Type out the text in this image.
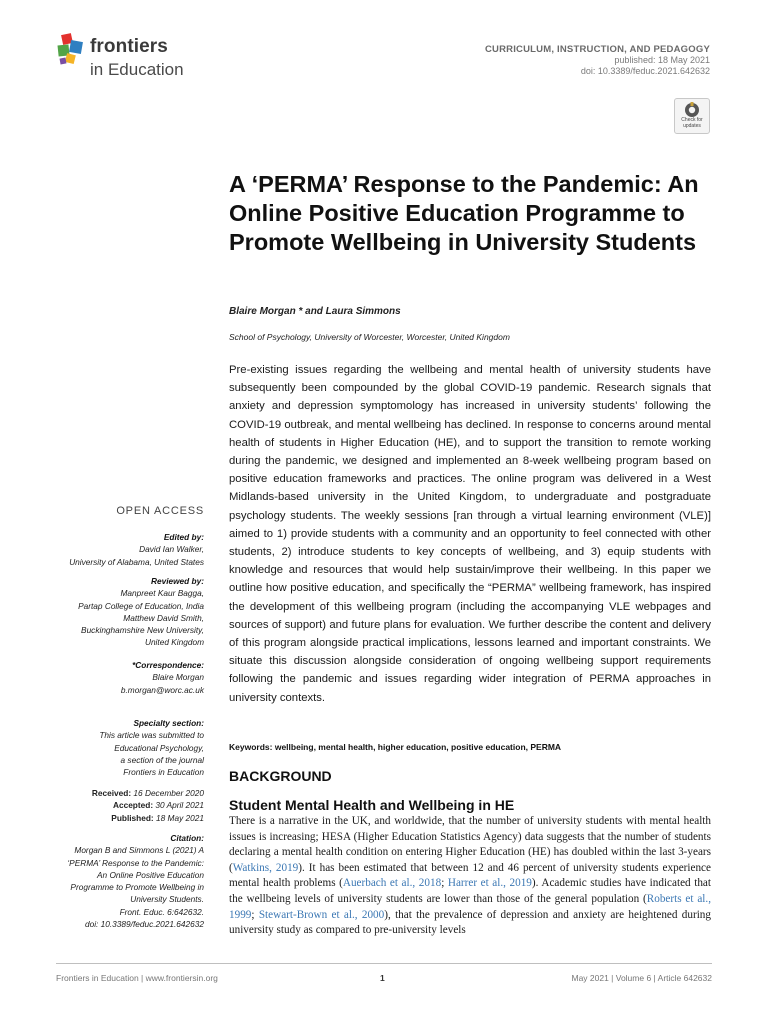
frontiers
in Education
CURRICULUM, INSTRUCTION, AND PEDAGOGY
published: 18 May 2021
doi: 10.3389/feduc.2021.642632
Check for updates
A ‘PERMA’ Response to the Pandemic: An Online Positive Education Programme to Promote Wellbeing in University Students
Blaire Morgan * and Laura Simmons
School of Psychology, University of Worcester, Worcester, United Kingdom
Pre-existing issues regarding the wellbeing and mental health of university students have subsequently been compounded by the global COVID-19 pandemic. Research signals that anxiety and depression symptomology has increased in university students’ following the COVID-19 outbreak, and mental wellbeing has declined. In response to concerns around mental health of students in Higher Education (HE), and to support the transition to remote working during the pandemic, we designed and implemented an 8-week wellbeing program based on positive education frameworks and practices. The online program was delivered in a West Midlands-based university in the United Kingdom, to undergraduate and postgraduate psychology students. The weekly sessions [ran through a virtual learning environment (VLE)] aimed to 1) provide students with a community and an opportunity to feel connected with other students, 2) introduce students to key concepts of wellbeing, and 3) equip students with knowledge and resources that would help sustain/improve their wellbeing. In this paper we outline how positive education, and specifically the “PERMA” wellbeing framework, has inspired the development of this wellbeing program (including the accompanying VLE webpages and sources of support) and future plans for evaluation. We further describe the content and delivery of this program alongside practical implications, lessons learned and important constraints. We situate this discussion alongside consideration of ongoing wellbeing support requirements following the pandemic and issues regarding wider integration of PERMA approaches in university contexts.
Keywords: wellbeing, mental health, higher education, positive education, PERMA
BACKGROUND
Student Mental Health and Wellbeing in HE
There is a narrative in the UK, and worldwide, that the number of university students with mental health issues is increasing; HESA (Higher Education Statistics Agency) data suggests that the number of students declaring a mental health condition on entering Higher Education (HE) has doubled within the last 3-years (Watkins, 2019). It has been estimated that between 12 and 46 percent of university students experience mental health problems (Auerbach et al., 2018; Harrer et al., 2019). Academic studies have indicated that the wellbeing levels of university students are lower than those of the general population (Roberts et al., 1999; Stewart-Brown et al., 2000), that the prevalence of depression and anxiety are heightened during university study as compared to pre-university levels
OPEN ACCESS
Edited by:
David Ian Walker,
University of Alabama, United States
Reviewed by:
Manpreet Kaur Bagga,
Partap College of Education, India
Matthew David Smith,
Buckinghamshire New University,
United Kingdom
*Correspondence:
Blaire Morgan
b.morgan@worc.ac.uk
Specialty section:
This article was submitted to
Educational Psychology,
a section of the journal
Frontiers in Education
Received: 16 December 2020
Accepted: 30 April 2021
Published: 18 May 2021
Citation:
Morgan B and Simmons L (2021) A
‘PERMA’ Response to the Pandemic:
An Online Positive Education
Programme to Promote Wellbeing in
University Students.
Front. Educ. 6:642632.
doi: 10.3389/feduc.2021.642632
Frontiers in Education | www.frontiersin.org	1	May 2021 | Volume 6 | Article 642632
